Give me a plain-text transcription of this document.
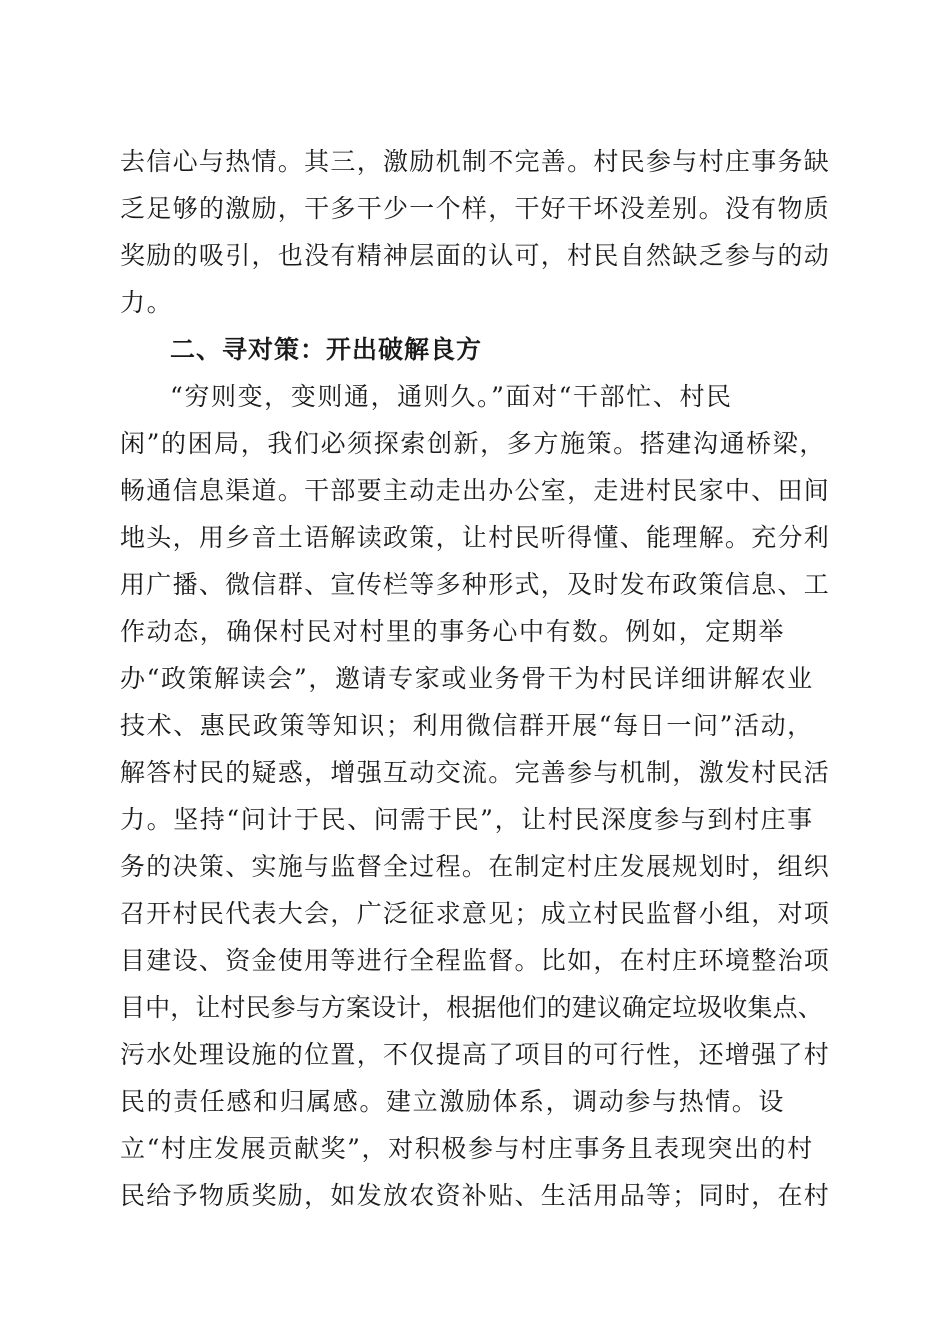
去信心与热情。其三，激励机制不完善。村民参与村庄事务缺
乏足够的激励，干多干少一个样，干好干坏没差别。没有物质
奖励的吸引，也没有精神层面的认可，村民自然缺乏参与的动
力。
二、寻对策：开出破解良方
“穷则变，变则通，通则久。”面对“干部忙、村民
闲”的困局，我们必须探索创新，多方施策。搭建沟通桥梁，
畅通信息渠道。干部要主动走出办公室，走进村民家中、田间
地头，用乡音土语解读政策，让村民听得懂、能理解。充分利
用广播、微信群、宣传栏等多种形式，及时发布政策信息、工
作动态，确保村民对村里的事务心中有数。例如，定期举
办“政策解读会”，邀请专家或业务骨干为村民详细讲解农业
技术、惠民政策等知识；利用微信群开展“每日一问”活动，
解答村民的疑惑，增强互动交流。完善参与机制，激发村民活
力。坚持“问计于民、问需于民”，让村民深度参与到村庄事
务的决策、实施与监督全过程。在制定村庄发展规划时，组织
召开村民代表大会，广泛征求意见；成立村民监督小组，对项
目建设、资金使用等进行全程监督。比如，在村庄环境整治项
目中，让村民参与方案设计，根据他们的建议确定垃圾收集点、
污水处理设施的位置，不仅提高了项目的可行性，还增强了村
民的责任感和归属感。建立激励体系，调动参与热情。设
立“村庄发展贡献奖”，对积极参与村庄事务且表现突出的村
民给予物质奖励，如发放农资补贴、生活用品等；同时，在村
